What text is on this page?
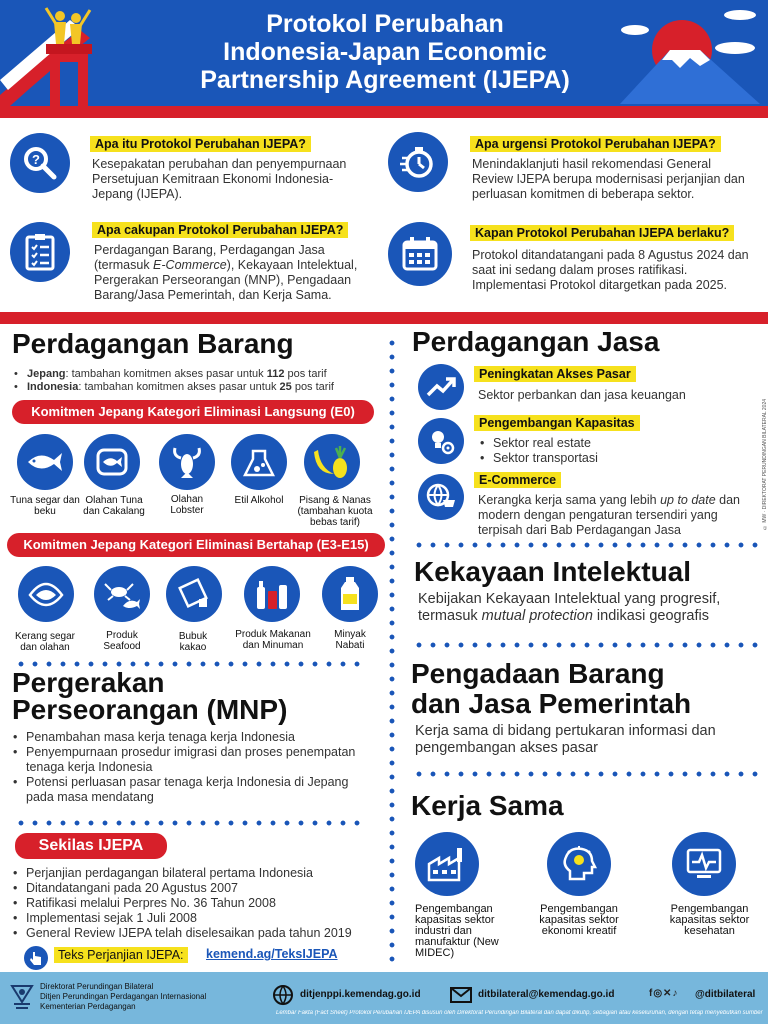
Protokol Perubahan
Indonesia-Japan Economic
Partnership Agreement (IJEPA)
?
Apa itu Protokol Perubahan IJEPA?
Kesepakatan perubahan dan penyempurnaan Persetujuan Kemitraan Ekonomi Indonesia-Jepang (IJEPA).
Apa urgensi Protokol Perubahan IJEPA?
Menindaklanjuti hasil rekomendasi General Review IJEPA berupa modernisasi perjanjian dan perluasan komitmen di beberapa sektor.
Apa cakupan Protokol Perubahan IJEPA?
Perdagangan Barang, Perdagangan Jasa (termasuk E-Commerce), Kekayaan Intelektual, Pergerakan Perseorangan (MNP), Pengadaan Barang/Jasa Pemerintah, dan Kerja Sama.
Kapan Protokol Perubahan IJEPA berlaku?
Protokol ditandatangani pada 8 Agustus 2024 dan saat ini sedang dalam proses ratifikasi. Implementasi Protokol ditargetkan pada 2025.
Perdagangan Barang
• Jepang: tambahan komitmen akses pasar untuk 112 pos tarif
• Indonesia: tambahan komitmen akses pasar untuk 25 pos tarif
Komitmen Jepang Kategori Eliminasi Langsung (E0)
Tuna segar dan beku
Olahan Tuna dan Cakalang
Olahan Lobster
Etil Alkohol	Pisang & Nanas (tambahan kuota bebas tarif)
Komitmen Jepang Kategori Eliminasi Bertahap (E3-E15)
Kerang segar dan olahan
Produk Seafood
Bubuk kakao
Produk Makanan dan Minuman
Minyak Nabati
Pergerakan
Perseorangan (MNP)
• Penambahan masa kerja tenaga kerja Indonesia
• Penyempurnaan prosedur imigrasi dan proses penempatan tenaga kerja Indonesia
• Potensi perluasan pasar tenaga kerja Indonesia di Jepang pada masa mendatang
Sekilas IJEPA
• Perjanjian perdagangan bilateral pertama Indonesia
• Ditandatangani pada 20 Agustus 2007
• Ratifikasi melalui Perpres No. 36 Tahun 2008
• Implementasi sejak 1 Juli 2008
• General Review IJEPA telah diselesaikan pada tahun 2019
Teks Perjanjian IJEPA:	kemend.ag/TeksIJEPA
Perdagangan Jasa
Peningkatan Akses Pasar
Sektor perbankan dan jasa keuangan
Pengembangan Kapasitas
• Sektor real estate
• Sektor transportasi
E-Commerce
Kerangka kerja sama yang lebih up to date dan modern dengan pengaturan tersendiri yang terpisah dari Bab Perdagangan Jasa	© MW · DIREKTORAT PERUNDINGAN BILATERAL 2024
Kekayaan Intelektual
Kebijakan Kekayaan Intelektual yang progresif, termasuk mutual protection indikasi geografis
Pengadaan Barang
dan Jasa Pemerintah
Kerja sama di bidang pertukaran informasi dan pengembangan akses pasar
Kerja Sama
Pengembangan kapasitas sektor industri dan manufaktur (New MIDEC)
Pengembangan kapasitas sektor ekonomi kreatif
Pengembangan kapasitas sektor kesehatan
Direktorat Perundingan Bilateral
Ditjen Perundingan Perdagangan Internasional
Kementerian Perdagangan
ditjenppi.kemendag.go.id	ditbilateral@kemendag.go.id	f◎✕♪ @ditbilateral
Lembar Fakta (Fact Sheet) Protokol Perubahan IJEPA disusun oleh Direktorat Perundingan Bilateral dan dapat dikutip, sebagian atau keseluruhan, dengan tetap menyebutkan sumber
